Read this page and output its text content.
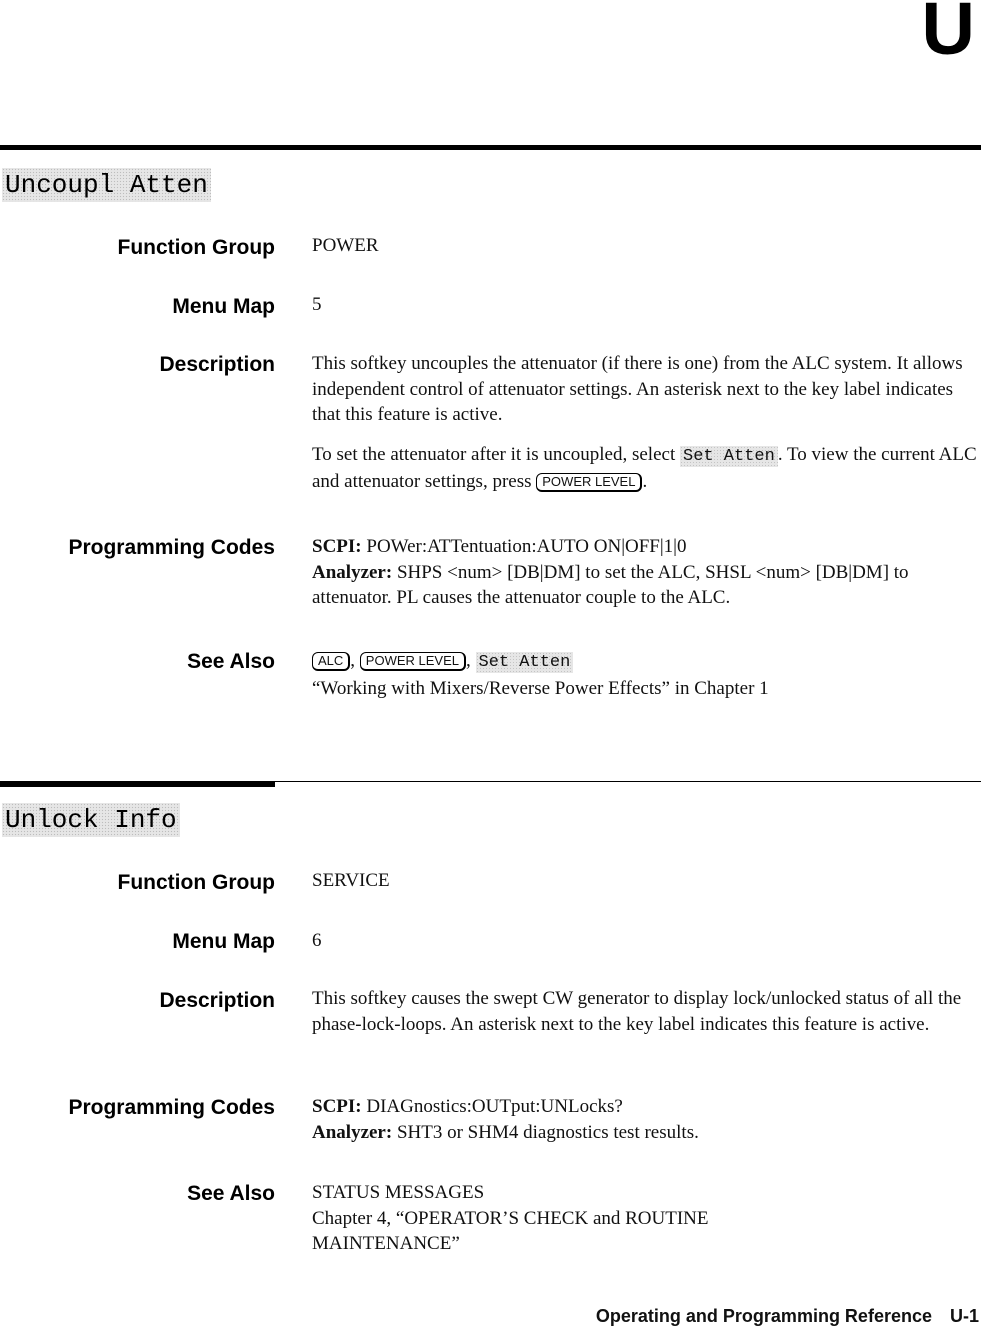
U
Uncoupl Atten
Function Group POWER
Menu Map 5
Description This softkey uncouples the attenuator (if there is one) from the ALC system. It allows independent control of attenuator settings. An asterisk next to the key label indicates that this feature is active.

To set the attenuator after it is uncoupled, select Set Atten . To view the current ALC and attenuator settings, press POWER LEVEL .

Programming Codes SCPI: POWer:ATTentuation:AUTO ON|OFF|1|0

Analyzer: SHPS <num> [DB|DM] to set the ALC, SHSL <num> [DB|DM] to attenuator. PL causes the attenuator couple to the ALC.

See Also	ALC , POWER LEVEL , Set Atten

“Working with Mixers/Reverse Power Effects” in Chapter 1

Unlock Info
Function Group SERVICE
Menu Map 6
Description This softkey causes the swept CW generator to display lock/unlocked status of all the phase-lock-loops. An asterisk next to the key label indicates this feature is active.

Programming Codes SCPI: DIAGnostics:OUTput:UNLocks?

Analyzer: SHT3 or SHM4 diagnostics test results.

See Also STATUS MESSAGES

Chapter 4, “OPERATOR’S CHECK and ROUTINE MAINTENANCE”

Operating and Programming Reference U-1
